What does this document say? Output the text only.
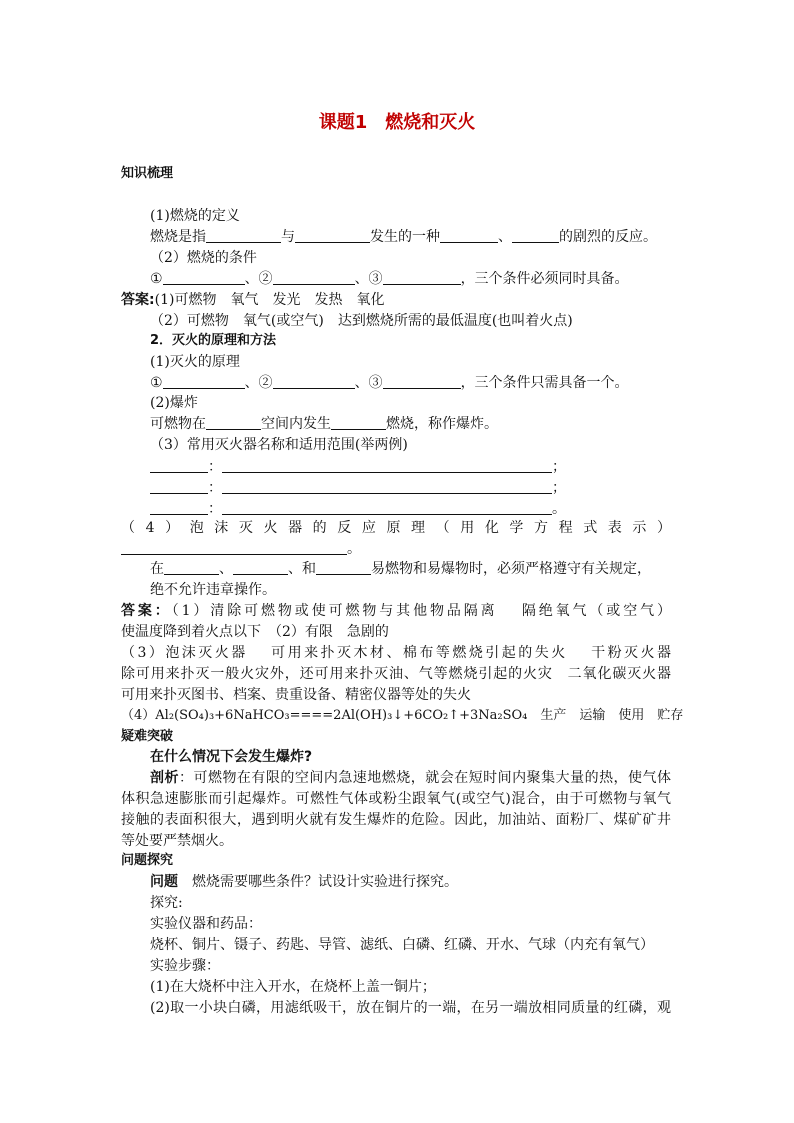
课题1　燃烧和灭火
知识梳理
(1)燃烧的定义
燃烧是指	与	发生的一种	、	的剧烈的反应。
（2）燃烧的条件
①	、②	、③	，三个条件必须同时具备。
答案:(1)可燃物　氧气　发光　发热　氧化
（2）可燃物　氧气(或空气)　达到燃烧所需的最低温度(也叫着火点)
2．灭火的原理和方法
(1)灭火的原理
①	、②	、③	，三个条件只需具备一个。
(2)爆炸
可燃物在	空间内发生	燃烧，称作爆炸。
（3）常用灭火器名称和适用范围(举两例)
：	；
：	；
：	。
（4）泡沫灭火器的反应原理（用化学方程式表示）
。
在	、	、和	易燃物和易爆物时，必须严格遵守有关规定，
绝不允许违章操作。
答案：（1）清除可燃物或使可燃物与其他物品隔离　 隔绝氧气（或空气）
使温度降到着火点以下　（2）有限　急剧的
（3）泡沫灭火器　 可用来扑灭木材、棉布等燃烧引起的失火　 干粉灭火器
除可用来扑灭一般火灾外，还可用来扑灭油、气等燃烧引起的火灾　二氧化碳灭火器
可用来扑灭图书、档案、贵重设备、精密仪器等处的失火
（4）Al₂(SO₄)₃+6NaHCO₃====2Al(OH)₃↓+6CO₂↑+3Na₂SO₄　生产　运输　使用　贮存
疑难突破
在什么情况下会发生爆炸?
剖析：可燃物在有限的空间内急速地燃烧，就会在短时间内聚集大量的热，使气体
体积急速膨胀而引起爆炸。可燃性气体或粉尘跟氧气(或空气)混合，由于可燃物与氧气
接触的表面积很大，遇到明火就有发生爆炸的危险。因此，加油站、面粉厂、煤矿矿井
等处要严禁烟火。
问题探究
问题　燃烧需要哪些条件？试设计实验进行探究。
探究:
实验仪器和药品：
烧杯、铜片、镊子、药匙、导管、滤纸、白磷、红磷、开水、气球（内充有氧气）
实验步骤：
(1)在大烧杯中注入开水，在烧杯上盖一铜片；
(2)取一小块白磷，用滤纸吸干，放在铜片的一端，在另一端放相同质量的红磷，观
